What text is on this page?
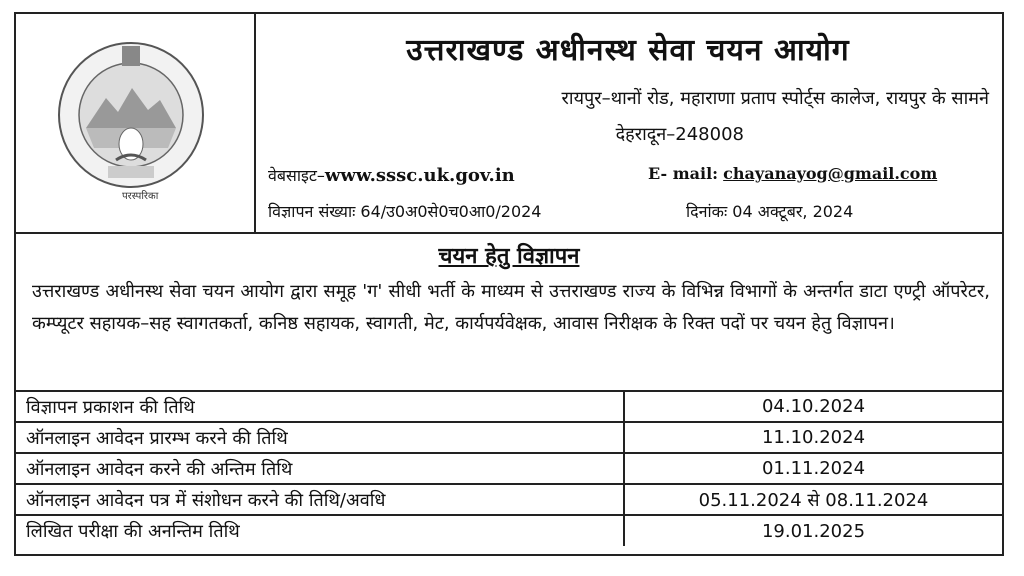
परस्परिका
उत्तराखण्ड अधीनस्थ सेवा चयन आयोग
रायपुर–थानों रोड, महाराणा प्रताप स्पोर्ट्स कालेज, रायपुर के सामने
देहरादून–248008
वेबसाइट–www.sssc.uk.gov.in	E- mail: chayanayog@gmail.com
विज्ञापन संख्याः 64/उ0अ0से0च0आ0/2024	दिनांकः 04 अक्टूबर, 2024
चयन हेतु विज्ञापन
उत्तराखण्ड अधीनस्थ सेवा चयन आयोग द्वारा समूह 'ग' सीधी भर्ती के माध्यम से उत्तराखण्ड राज्य के विभिन्न विभागों के अन्तर्गत डाटा एण्ट्री ऑपरेटर, कम्प्यूटर सहायक–सह स्वागतकर्ता, कनिष्ठ सहायक, स्वागती, मेट, कार्यपर्यवेक्षक, आवास निरीक्षक के रिक्त पदों पर चयन हेतु विज्ञापन।
विज्ञापन प्रकाशन की तिथि	04.10.2024
ऑनलाइन आवेदन प्रारम्भ करने की तिथि	11.10.2024
ऑनलाइन आवेदन करने की अन्तिम तिथि	01.11.2024
ऑनलाइन आवेदन पत्र में संशोधन करने की तिथि/अवधि	05.11.2024 से 08.11.2024
लिखित परीक्षा की अनन्तिम तिथि	19.01.2025
